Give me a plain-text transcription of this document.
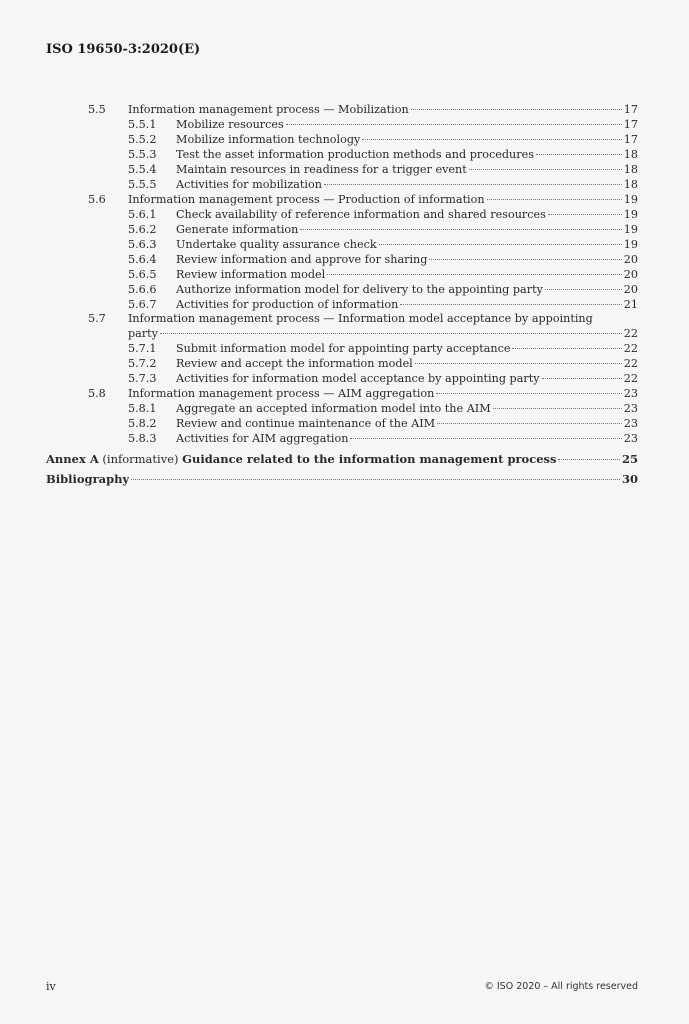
ISO 19650-3:2020(E)
5.5 Information management process — Mobilization	17
5.5.1 Mobilize resources	17
5.5.2 Mobilize information technology	17
5.5.3 Test the asset information production methods and procedures	18
5.5.4 Maintain resources in readiness for a trigger event	18
5.5.5 Activities for mobilization	18
5.6 Information management process — Production of information	19
5.6.1 Check availability of reference information and shared resources	19
5.6.2 Generate information	19
5.6.3 Undertake quality assurance check	19
5.6.4 Review information and approve for sharing	20
5.6.5 Review information model	20
5.6.6 Authorize information model for delivery to the appointing party	20
5.6.7 Activities for production of information	21
5.7 Information management process — Information model acceptance by appointing
party	22
5.7.1 Submit information model for appointing party acceptance	22
5.7.2 Review and accept the information model	22
5.7.3 Activities for information model acceptance by appointing party	22
5.8 Information management process — AIM aggregation	23
5.8.1 Aggregate an accepted information model into the AIM	23
5.8.2 Review and continue maintenance of the AIM	23
5.8.3 Activities for AIM aggregation	23
Annex A (informative) Guidance related to the information management process	25
Bibliography	30
iv	© ISO 2020 – All rights reserved
